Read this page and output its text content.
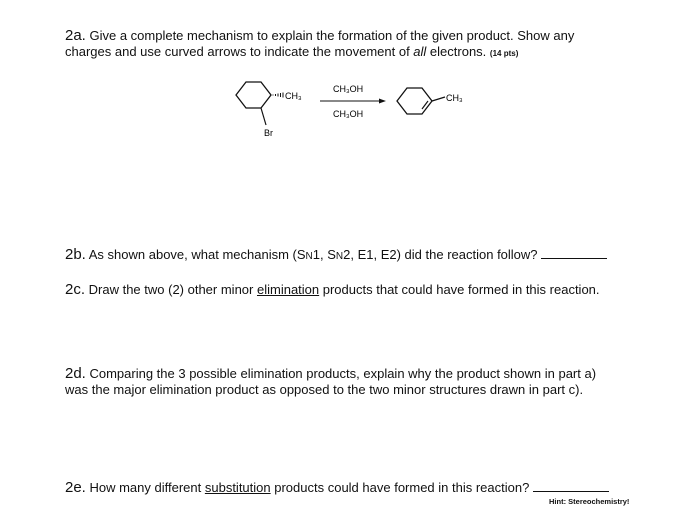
2a. Give a complete mechanism to explain the formation of the given product. Show any
charges and use curved arrows to indicate the movement of all electrons. (14 pts)
CH₃
Br
CH₃OH
CH₃OH
CH₃
2b. As shown above, what mechanism (SN1, SN2, E1, E2) did the reaction follow?
2c. Draw the two (2) other minor elimination products that could have formed in this reaction.
2d. Comparing the 3 possible elimination products, explain why the product shown in part a)
was the major elimination product as opposed to the two minor structures drawn in part c).
2e. How many different substitution products could have formed in this reaction?
Hint: Stereochemistry!
